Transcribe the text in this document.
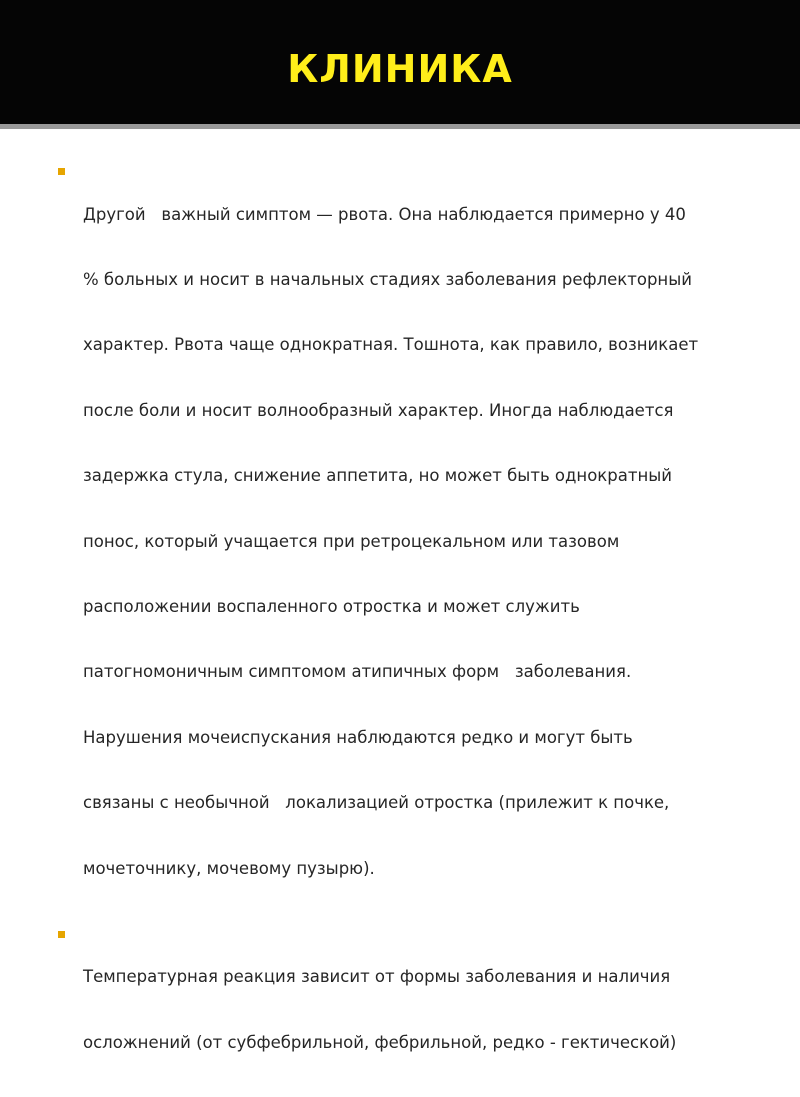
КЛИНИКА

Другой   важный симптом — рвота. Она наблюдается примерно у 40

% больных и носит в начальных стадиях заболевания рефлекторный

характер. Рвота чаще однократная. Тошнота, как правило, возникает

после боли и носит волнообразный характер. Иногда наблюдается

задержка стула, снижение аппетита, но может быть однократный

понос, который учащается при ретроцекальном или тазовом

расположении воспаленного отростка и может служить

патогномоничным симптомом атипичных форм   заболевания.

Нарушения мочеиспускания наблюдаются редко и могут быть

связаны с необычной   локализацией отростка (прилежит к почке,

мочеточнику, мочевому пузырю).

Температурная реакция зависит от формы заболевания и наличия

осложнений (от субфебрильной, фебрильной, редко - гектической)
